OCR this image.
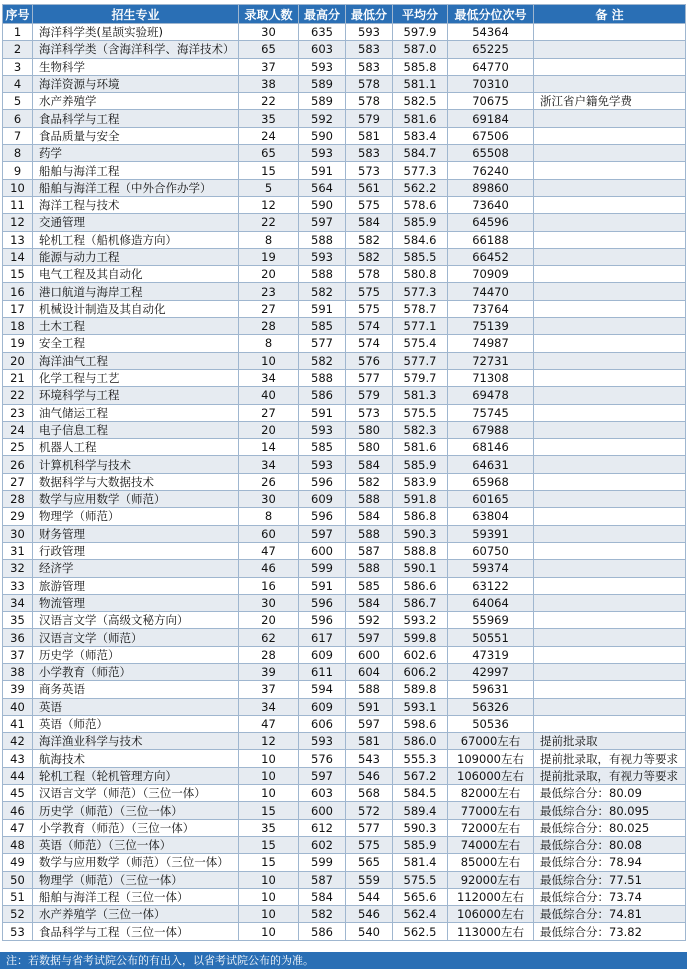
序号	招生专业	录取人数	最高分	最低分	平均分	最低分位次号	备 注
1	海洋科学类(星颉实验班)	30	635	593	597.9	54364	
2	海洋科学类（含海洋科学、海洋技术）	65	603	583	587.0	65225	
3	生物科学	37	593	583	585.8	64770	
4	海洋资源与环境	38	589	578	581.1	70310	
5	水产养殖学	22	589	578	582.5	70675	浙江省户籍免学费
6	食品科学与工程	35	592	579	581.6	69184	
7	食品质量与安全	24	590	581	583.4	67506	
8	药学	65	593	583	584.7	65508	
9	船舶与海洋工程	15	591	573	577.3	76240	
10	船舶与海洋工程（中外合作办学）	5	564	561	562.2	89860	
11	海洋工程与技术	12	590	575	578.6	73640	
12	交通管理	22	597	584	585.9	64596	
13	轮机工程（船机修造方向）	8	588	582	584.6	66188	
14	能源与动力工程	19	593	582	585.5	66452	
15	电气工程及其自动化	20	588	578	580.8	70909	
16	港口航道与海岸工程	23	582	575	577.3	74470	
17	机械设计制造及其自动化	27	591	575	578.7	73764	
18	土木工程	28	585	574	577.1	75139	
19	安全工程	8	577	574	575.4	74987	
20	海洋油气工程	10	582	576	577.7	72731	
21	化学工程与工艺	34	588	577	579.7	71308	
22	环境科学与工程	40	586	579	581.3	69478	
23	油气储运工程	27	591	573	575.5	75745	
24	电子信息工程	20	593	580	582.3	67988	
25	机器人工程	14	585	580	581.6	68146	
26	计算机科学与技术	34	593	584	585.9	64631	
27	数据科学与大数据技术	26	596	582	583.9	65968	
28	数学与应用数学（师范）	30	609	588	591.8	60165	
29	物理学（师范）	8	596	584	586.8	63804	
30	财务管理	60	597	588	590.3	59391	
31	行政管理	47	600	587	588.8	60750	
32	经济学	46	599	588	590.1	59374	
33	旅游管理	16	591	585	586.6	63122	
34	物流管理	30	596	584	586.7	64064	
35	汉语言文学（高级文秘方向）	20	596	592	593.2	55969	
36	汉语言文学（师范）	62	617	597	599.8	50551	
37	历史学（师范）	28	609	600	602.6	47319	
38	小学教育（师范）	39	611	604	606.2	42997	
39	商务英语	37	594	588	589.8	59631	
40	英语	34	609	591	593.1	56326	
41	英语（师范）	47	606	597	598.6	50536	
42	海洋渔业科学与技术	12	593	581	586.0	67000左右	提前批录取
43	航海技术	10	576	543	555.3	109000左右	提前批录取，有视力等要求
44	轮机工程（轮机管理方向）	10	597	546	567.2	106000左右	提前批录取，有视力等要求
45	汉语言文学（师范）（三位一体）	10	603	568	584.5	82000左右	最低综合分：80.09
46	历史学（师范）（三位一体）	15	600	572	589.4	77000左右	最低综合分：80.095
47	小学教育（师范）（三位一体）	35	612	577	590.3	72000左右	最低综合分：80.025
48	英语（师范）（三位一体）	15	602	575	585.9	74000左右	最低综合分：80.08
49	数学与应用数学（师范）（三位一体）	15	599	565	581.4	85000左右	最低综合分：78.94
50	物理学（师范）（三位一体）	10	587	559	575.5	92000左右	最低综合分：77.51
51	船舶与海洋工程（三位一体）	10	584	544	565.6	112000左右	最低综合分：73.74
52	水产养殖学（三位一体）	10	582	546	562.4	106000左右	最低综合分：74.81
53	食品科学与工程（三位一体）	10	586	540	562.5	113000左右	最低综合分：73.82
注：若数据与省考试院公布的有出入，以省考试院公布的为准。
